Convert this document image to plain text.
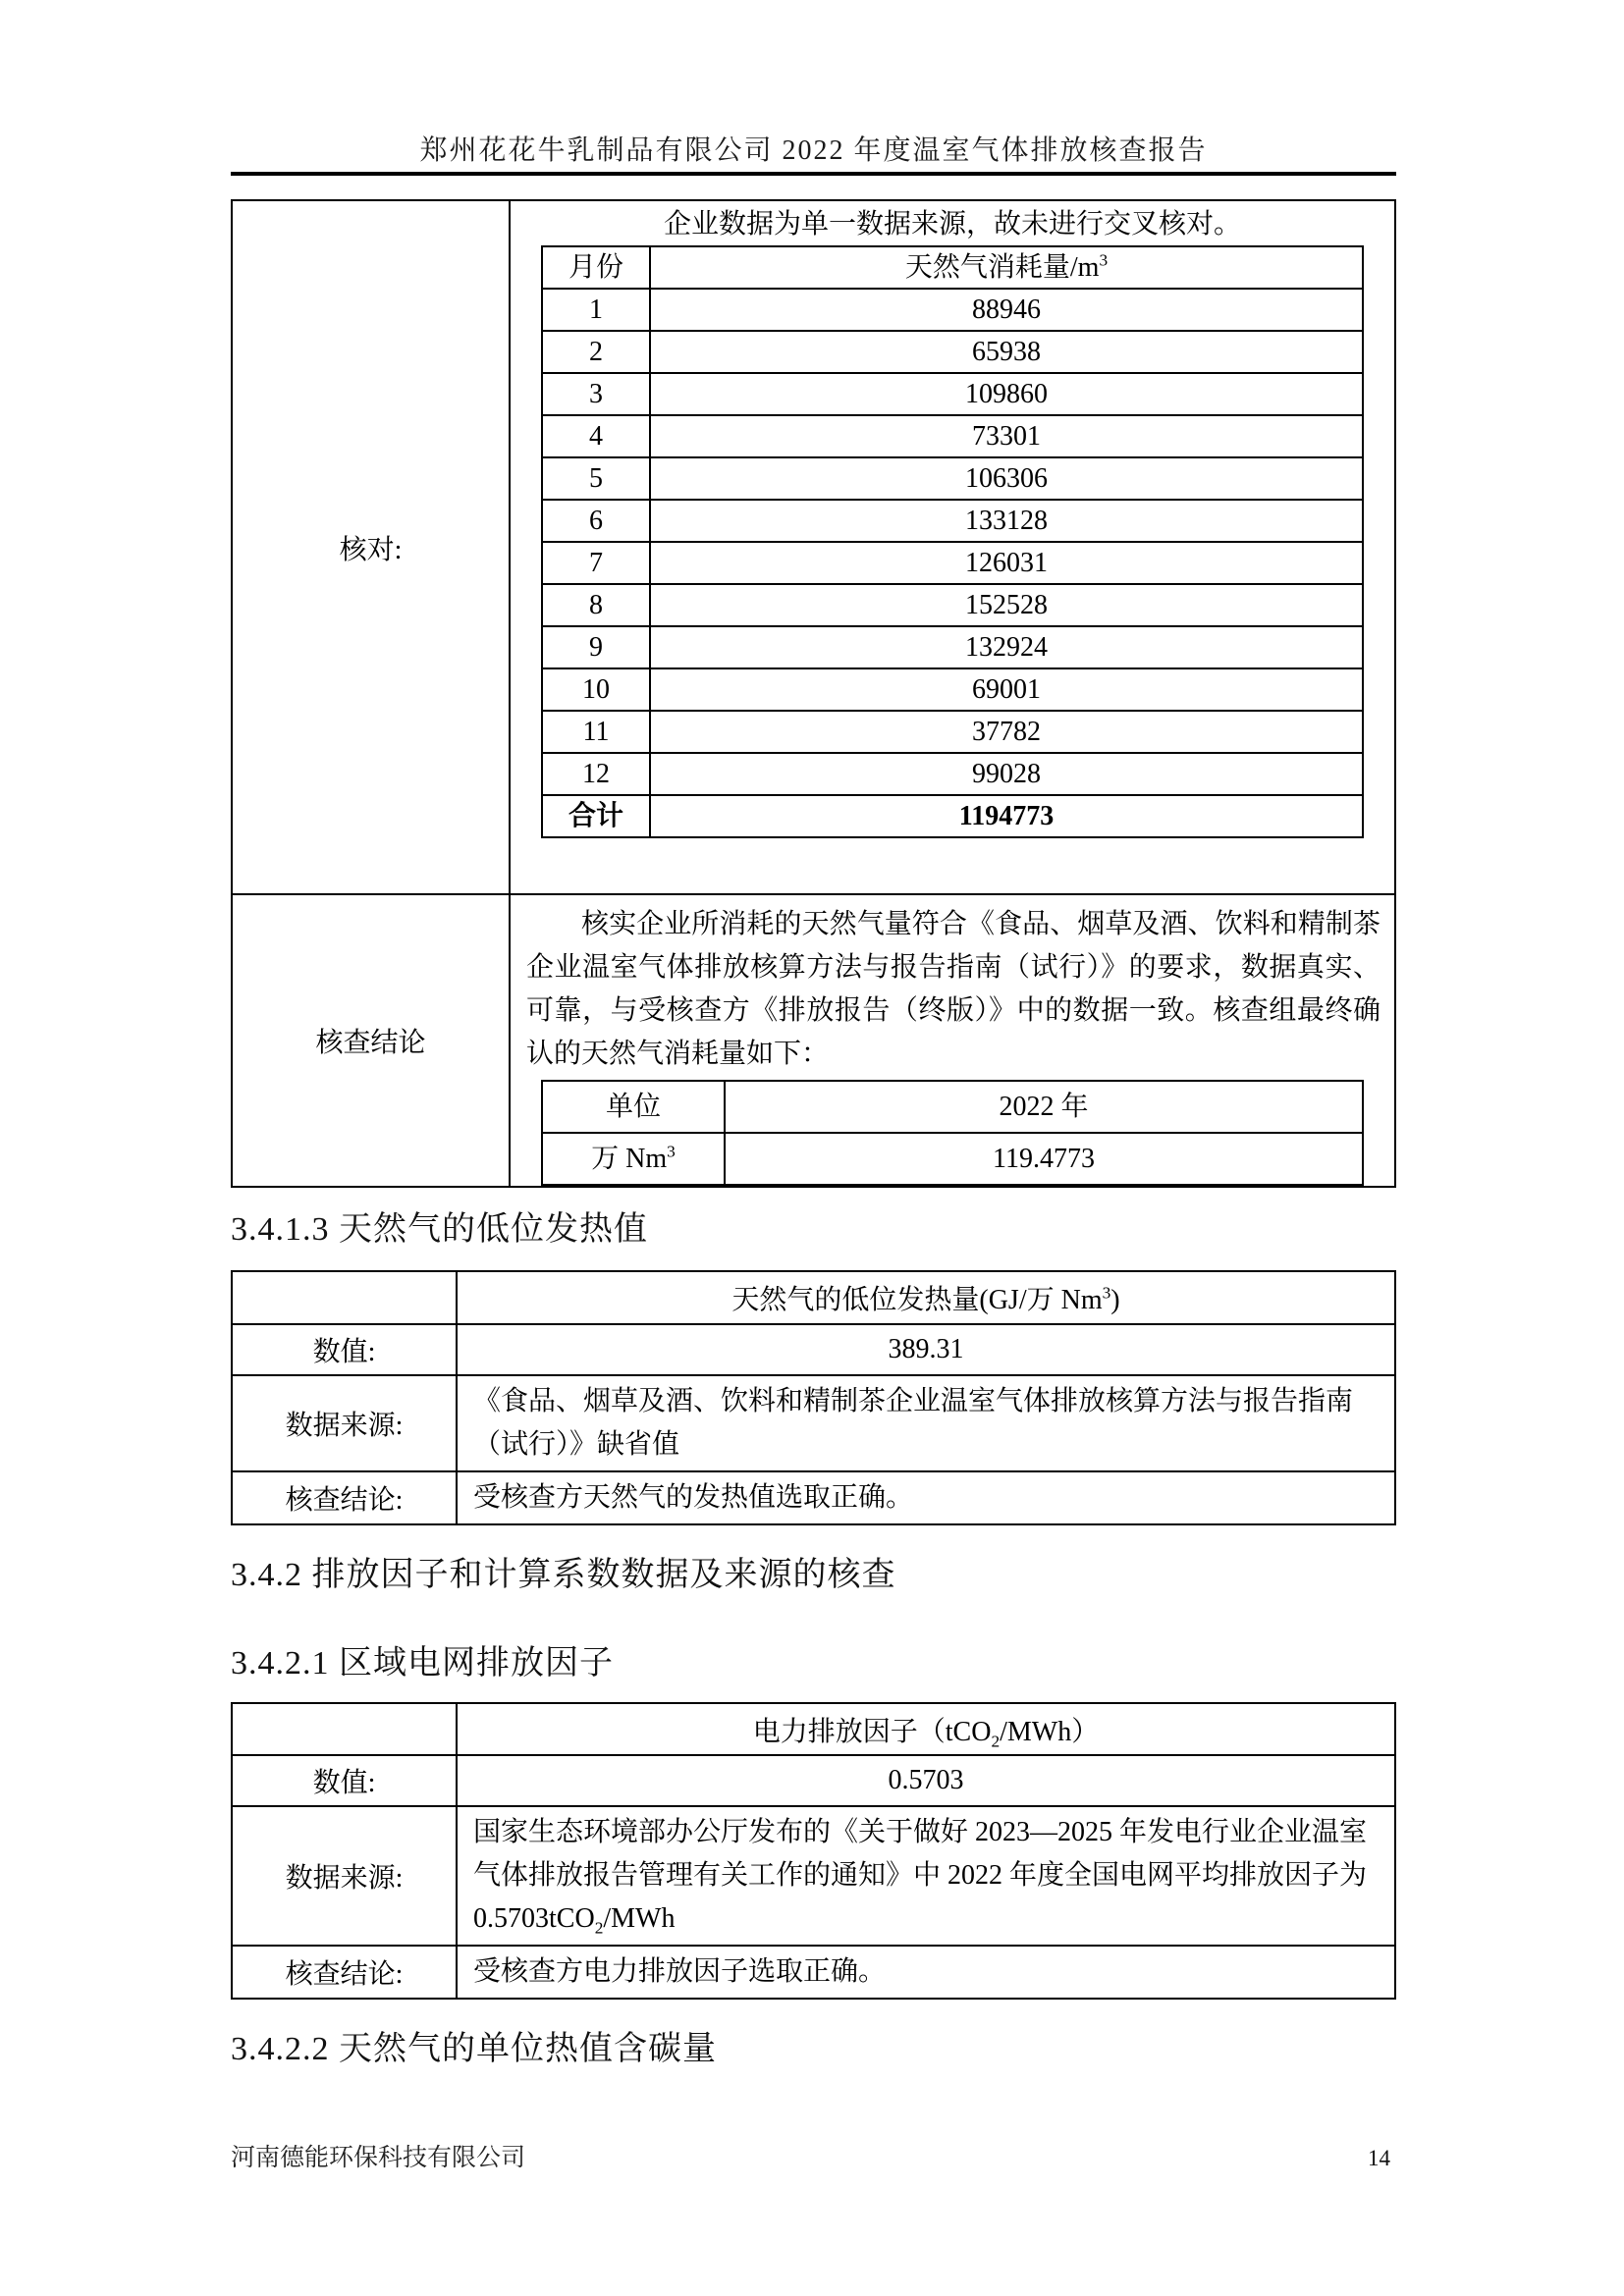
郑州花花牛乳制品有限公司 2022 年度温室气体排放核查报告
核对:	
企业数据为单一数据来源，故未进行交叉核对。
月份	天然气消耗量$/m^3$
1	88946
2	65938
3	109860
4	73301
5	106306
6	133128
7	126031
8	152528
9	132924
10	69001
11	37782
12	99028
合计	1194773

核查结论	
核实企业所消耗的天然气量符合《食品、烟草及酒、饮料和精制茶企业温室气体排放核算方法与报告指南（试行）》的要求，数据真实、可靠，与受核查方《排放报告（终版）》中的数据一致。核查组最终确认的天然气消耗量如下：
单位	2022 年
万 Nm$^3$	119.4773
3.4.1.3 天然气的低位发热值
	天然气的低位发热量(GJ/万 Nm$^3$)
数值:	389.31
数据来源:	《食品、烟草及酒、饮料和精制茶企业温室气体排放核算方法与报告指南（试行）》缺省值
核查结论:	受核查方天然气的发热值选取正确。
3.4.2 排放因子和计算系数数据及来源的核查
3.4.2.1 区域电网排放因子
	电力排放因子（tCO$_2$/MWh）
数值:	0.5703
数据来源:	国家生态环境部办公厅发布的《关于做好 2023—2025 年发电行业企业温室气体排放报告管理有关工作的通知》中 2022 年度全国电网平均排放因子为 0.5703tCO$_2$/MWh
核查结论:	受核查方电力排放因子选取正确。
3.4.2.2 天然气的单位热值含碳量
河南德能环保科技有限公司	14
